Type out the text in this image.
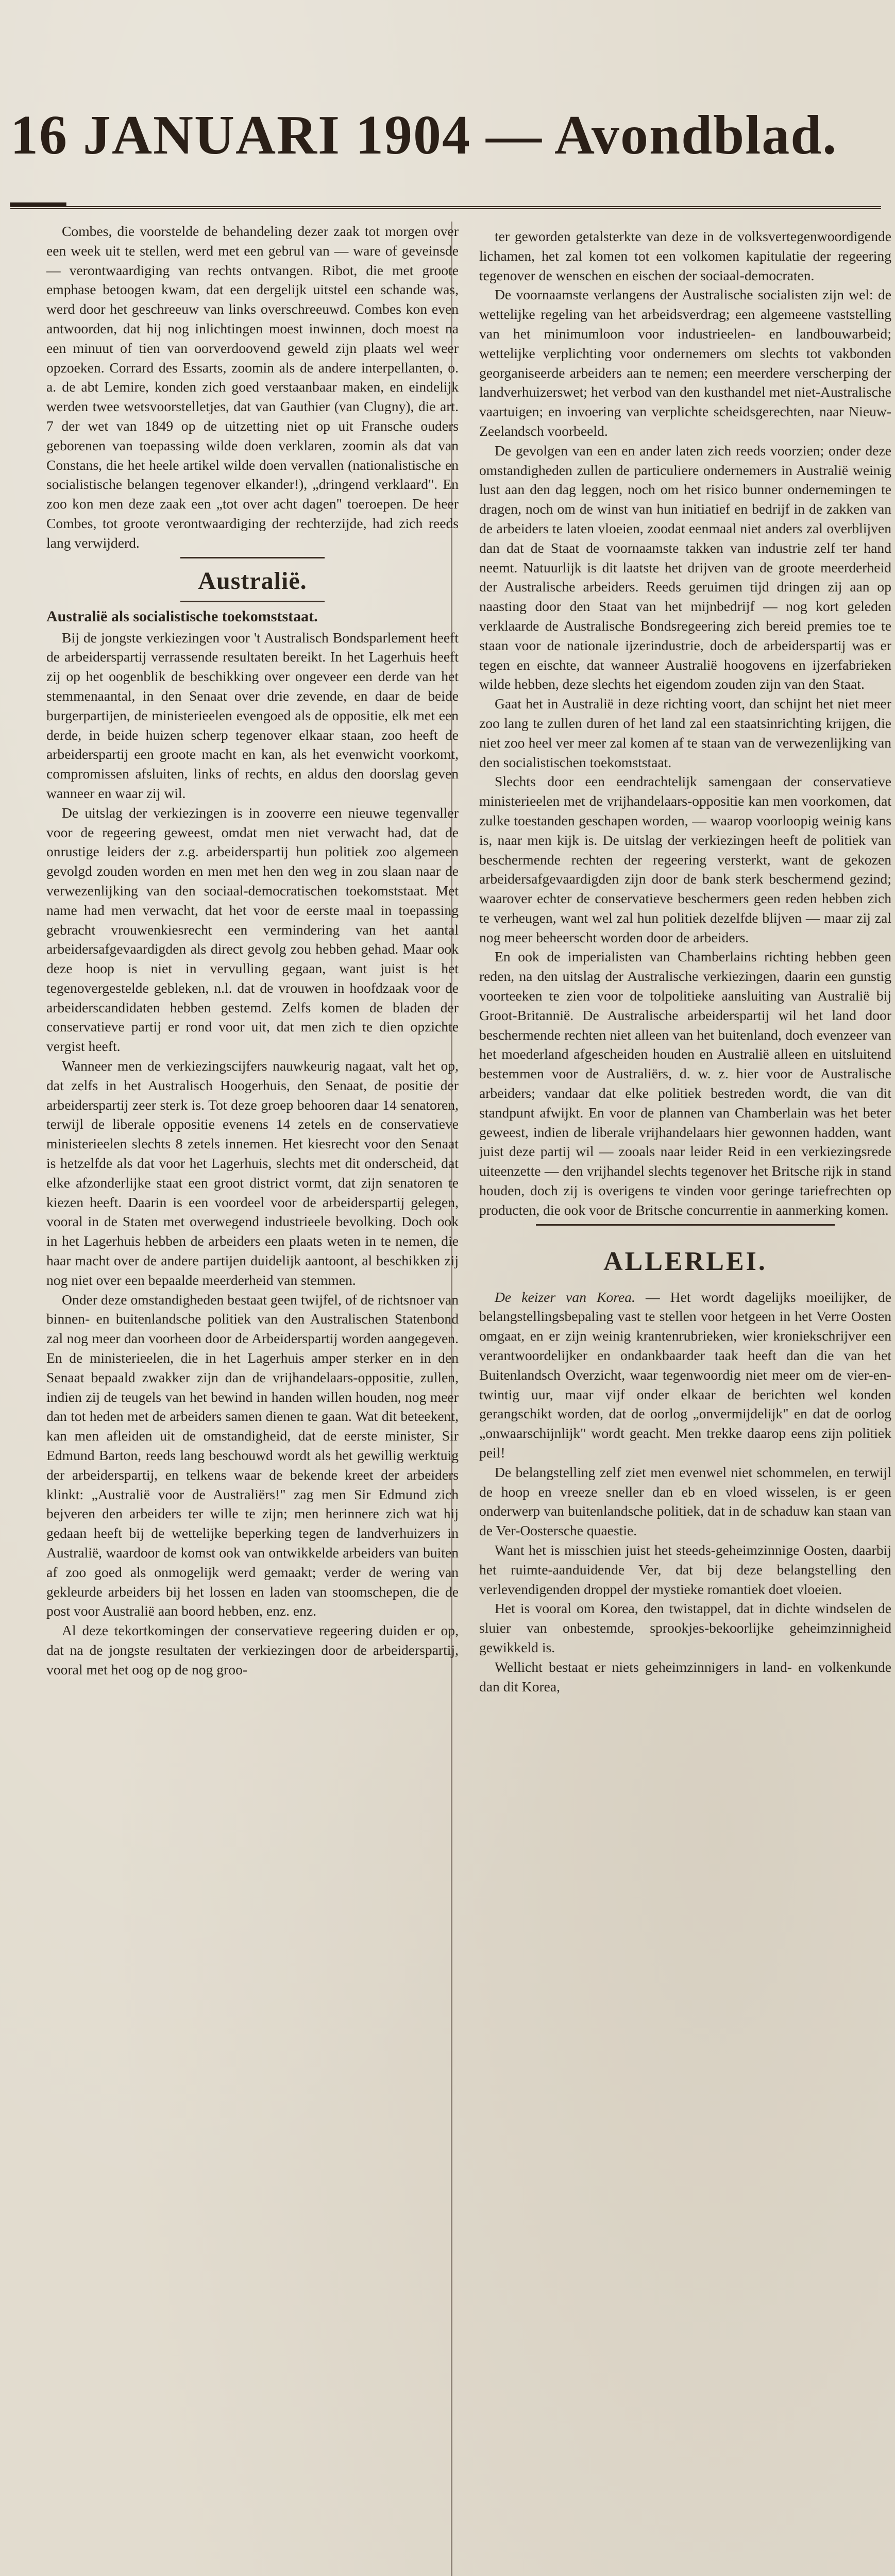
16 JANUARI 1904 — Avondblad. —

Combes, die voorstelde de behandeling dezer zaak tot morgen over een week uit te stellen, werd met een gebrul van — ware of geveinsde — verontwaardiging van rechts ontvangen. Ribot, die met groote emphase betoogen kwam, dat een dergelijk uitstel een schande was, werd door het geschreeuw van links overschreeuwd. Combes kon even antwoorden, dat hij nog inlichtingen moest inwinnen, doch moest na een minuut of tien van oorverdoovend geweld zijn plaats wel weer opzoeken. Corrard des Essarts, zoomin als de andere interpellanten, o. a. de abt Lemire, konden zich goed verstaanbaar maken, en eindelijk werden twee wetsvoorstelletjes, dat van Gauthier (van Clugny), die art. 7 der wet van 1849 op de uitzetting niet op uit Fransche ouders geborenen van toepassing wilde doen verklaren, zoomin als dat van Constans, die het heele artikel wilde doen vervallen (nationalistische en socialistische belangen tegenover elkander!), „dringend verklaard". En zoo kon men deze zaak een „tot over acht dagen" toeroepen. De heer Combes, tot groote verontwaardiging der rechterzijde, had zich reeds lang verwijderd.

Australië.
Australië als socialistische toekomststaat.

Bij de jongste verkiezingen voor 't Australisch Bondsparlement heeft de arbeiderspartij verrassende resultaten bereikt. In het Lagerhuis heeft zij op het oogenblik de beschikking over ongeveer een derde van het stemmenaantal, in den Senaat over drie zevende, en daar de beide burgerpartijen, de ministerieelen evengoed als de oppositie, elk met een derde, in beide huizen scherp tegenover elkaar staan, zoo heeft de arbeiderspartij een groote macht en kan, als het evenwicht voorkomt, compromissen afsluiten, links of rechts, en aldus den doorslag geven wanneer en waar zij wil.

De uitslag der verkiezingen is in zooverre een nieuwe tegenvaller voor de regeering geweest, omdat men niet verwacht had, dat de onrustige leiders der z.g. arbeiderspartij hun politiek zoo algemeen gevolgd zouden worden en men met hen den weg in zou slaan naar de verwezenlijking van den sociaal-democratischen toekomststaat. Met name had men verwacht, dat het voor de eerste maal in toepassing gebracht vrouwenkiesrecht een vermindering van het aantal arbeidersafgevaardigden als direct gevolg zou hebben gehad. Maar ook deze hoop is niet in vervulling gegaan, want juist is het tegenovergestelde gebleken, n.l. dat de vrouwen in hoofdzaak voor de arbeiderscandidaten hebben gestemd. Zelfs komen de bladen der conservatieve partij er rond voor uit, dat men zich te dien opzichte vergist heeft.

Wanneer men de verkiezingscijfers nauwkeurig nagaat, valt het op, dat zelfs in het Australisch Hoogerhuis, den Senaat, de positie der arbeiderspartij zeer sterk is. Tot deze groep behooren daar 14 senatoren, terwijl de liberale oppositie evenens 14 zetels en de conservatieve ministerieelen slechts 8 zetels innemen. Het kiesrecht voor den Senaat is hetzelfde als dat voor het Lagerhuis, slechts met dit onderscheid, dat elke afzonderlijke staat een groot district vormt, dat zijn senatoren te kiezen heeft. Daarin is een voordeel voor de arbeiderspartij gelegen, vooral in de Staten met overwegend industrieele bevolking. Doch ook in het Lagerhuis hebben de arbeiders een plaats weten in te nemen, die haar macht over de andere partijen duidelijk aantoont, al beschikken zij nog niet over een bepaalde meerderheid van stemmen.

Onder deze omstandigheden bestaat geen twijfel, of de richtsnoer van binnen- en buitenlandsche politiek van den Australischen Statenbond zal nog meer dan voorheen door de Arbeiderspartij worden aangegeven. En de ministerieelen, die in het Lagerhuis amper sterker en in den Senaat bepaald zwakker zijn dan de vrijhandelaars-oppositie, zullen, indien zij de teugels van het bewind in handen willen houden, nog meer dan tot heden met de arbeiders samen dienen te gaan. Wat dit beteekent, kan men afleiden uit de omstandigheid, dat de eerste minister, Sir Edmund Barton, reeds lang beschouwd wordt als het gewillig werktuig der arbeiderspartij, en telkens waar de bekende kreet der arbeiders klinkt: „Australië voor de Australiërs!" zag men Sir Edmund zich bejveren den arbeiders ter wille te zijn; men herinnere zich wat hij gedaan heeft bij de wettelijke beperking tegen de landverhuizers in Australië, waardoor de komst ook van ontwikkelde arbeiders van buiten af zoo goed als onmogelijk werd gemaakt; verder de wering van gekleurde arbeiders bij het lossen en laden van stoomschepen, die de post voor Australië aan boord hebben, enz. enz.

Al deze tekortkomingen der conservatieve regeering duiden er op, dat na de jongste resultaten der verkiezingen door de arbeiderspartij, vooral met het oog op de nog groo-

ter geworden getalsterkte van deze in de volksvertegenwoordigende lichamen, het zal komen tot een volkomen kapitulatie der regeering tegenover de wenschen en eischen der sociaal-democraten.

De voornaamste verlangens der Australische socialisten zijn wel: de wettelijke regeling van het arbeidsverdrag; een algemeene vaststelling van het minimumloon voor industrieelen- en landbouwarbeid; wettelijke verplichting voor ondernemers om slechts tot vakbonden georganiseerde arbeiders aan te nemen; een meerdere verscherping der landverhuizerswet; het verbod van den kusthandel met niet-Australische vaartuigen; en invoering van verplichte scheidsgerechten, naar Nieuw-Zeelandsch voorbeeld.

De gevolgen van een en ander laten zich reeds voorzien; onder deze omstandigheden zullen de particuliere ondernemers in Australië weinig lust aan den dag leggen, noch om het risico bunner ondernemingen te dragen, noch om de winst van hun initiatief en bedrijf in de zakken van de arbeiders te laten vloeien, zoodat eenmaal niet anders zal overblijven dan dat de Staat de voornaamste takken van industrie zelf ter hand neemt. Natuurlijk is dit laatste het drijven van de groote meerderheid der Australische arbeiders. Reeds geruimen tijd dringen zij aan op naasting door den Staat van het mijnbedrijf — nog kort geleden verklaarde de Australische Bondsregeering zich bereid premies toe te staan voor de nationale ijzerindustrie, doch de arbeiderspartij was er tegen en eischte, dat wanneer Australië hoogovens en ijzerfabrieken wilde hebben, deze slechts het eigendom zouden zijn van den Staat.

Gaat het in Australië in deze richting voort, dan schijnt het niet meer zoo lang te zullen duren of het land zal een staatsinrichting krijgen, die niet zoo heel ver meer zal komen af te staan van de verwezenlijking van den socialistischen toekomststaat.

Slechts door een eendrachtelijk samengaan der conservatieve ministerieelen met de vrijhandelaars-oppositie kan men voorkomen, dat zulke toestanden geschapen worden, — waarop voorloopig weinig kans is, naar men kijk is. De uitslag der verkiezingen heeft de politiek van beschermende rechten der regeering versterkt, want de gekozen arbeidersafgevaardigden zijn door de bank sterk beschermend gezind; waarover echter de conservatieve beschermers geen reden hebben zich te verheugen, want wel zal hun politiek dezelfde blijven — maar zij zal nog meer beheerscht worden door de arbeiders.

En ook de imperialisten van Chamberlains richting hebben geen reden, na den uitslag der Australische verkiezingen, daarin een gunstig voorteeken te zien voor de tolpolitieke aansluiting van Australië bij Groot-Britannië. De Australische arbeiderspartij wil het land door beschermende rechten niet alleen van het buitenland, doch evenzeer van het moederland afgescheiden houden en Australië alleen en uitsluitend bestemmen voor de Australiërs, d. w. z. hier voor de Australische arbeiders; vandaar dat elke politiek bestreden wordt, die van dit standpunt afwijkt. En voor de plannen van Chamberlain was het beter geweest, indien de liberale vrijhandelaars hier gewonnen hadden, want juist deze partij wil — zooals naar leider Reid in een verkiezingsrede uiteenzette — den vrijhandel slechts tegenover het Britsche rijk in stand houden, doch zij is overigens te vinden voor geringe tariefrechten op producten, die ook voor de Britsche concurrentie in aanmerking komen.

ALLERLEI.

De keizer van Korea. — Het wordt dagelijks moeilijker, de belangstellingsbepaling vast te stellen voor hetgeen in het Verre Oosten omgaat, en er zijn weinig krantenrubrieken, wier kroniekschrijver een verantwoordelijker en ondankbaarder taak heeft dan die van het Buitenlandsch Overzicht, waar tegenwoordig niet meer om de vier-en-twintig uur, maar vijf onder elkaar de berichten wel konden gerangschikt worden, dat de oorlog „onvermijdelijk" en dat de oorlog „onwaarschijnlijk" wordt geacht. Men trekke daarop eens zijn politiek peil!

De belangstelling zelf ziet men evenwel niet schommelen, en terwijl de hoop en vreeze sneller dan eb en vloed wisselen, is er geen onderwerp van buitenlandsche politiek, dat in de schaduw kan staan van de Ver-Oostersche quaestie.

Want het is misschien juist het steeds-geheimzinnige Oosten, daarbij het ruimte-aanduidende Ver, dat bij deze belangstelling den verlevendigenden droppel der mystieke romantiek doet vloeien.

Het is vooral om Korea, den twistappel, dat in dichte windselen de sluier van onbestemde, sprookjes-bekoorlijke geheimzinnigheid gewikkeld is.

Wellicht bestaat er niets geheimzinnigers in land- en volkenkunde dan dit Korea,
